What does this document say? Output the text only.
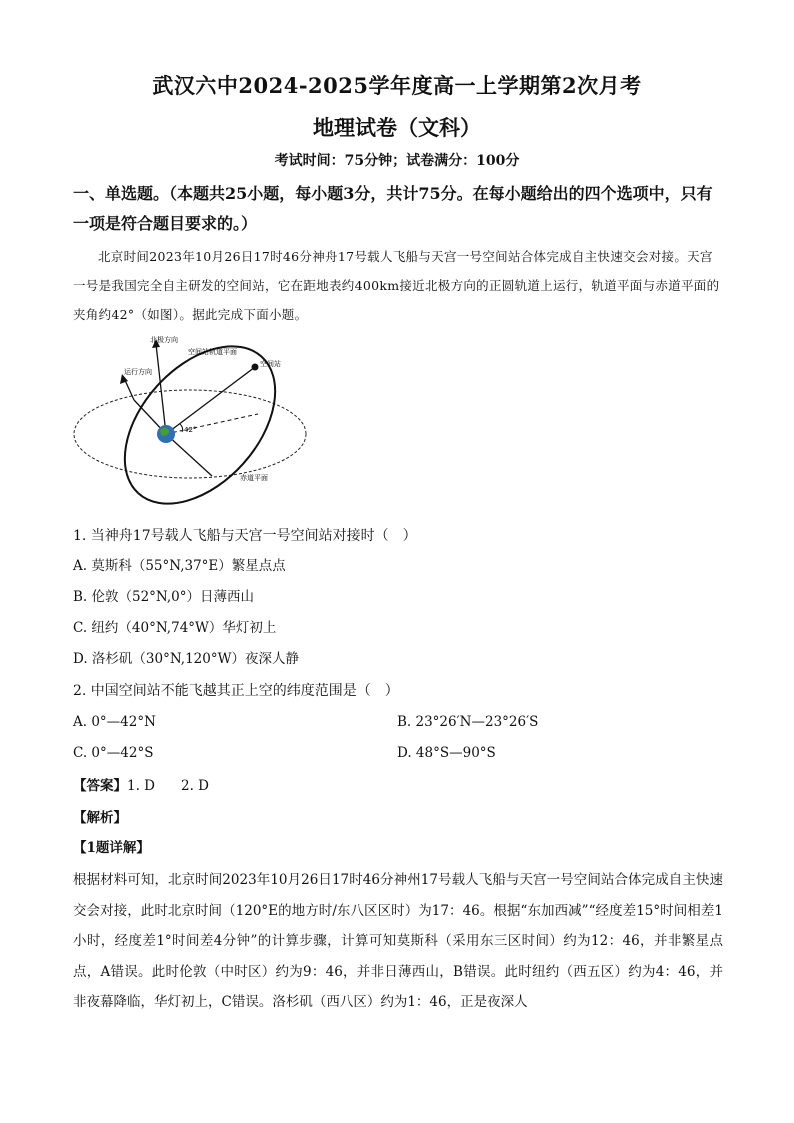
武汉六中2024-2025学年度高一上学期第2次月考
地理试卷（文科）
考试时间：75分钟；试卷满分：100分
一、单选题。（本题共25小题，每小题3分，共计75分。在每小题给出的四个选项中，只有一项是符合题目要求的。）
北京时间2023年10月26日17时46分神舟17号载人飞船与天宫一号空间站合体完成自主快速交会对接。天宫一号是我国完全自主研发的空间站，它在距地表约400km接近北极方向的正圆轨道上运行，轨道平面与赤道平面的夹角约42°（如图）。据此完成下面小题。
北极方向
空间站轨道平面
空间站
运行方向
42°
赤道平面
1. 当神舟17号载人飞船与天宫一号空间站对接时（　）
A. 莫斯科（55°N,37°E）繁星点点
B. 伦敦（52°N,0°）日薄西山
C. 纽约（40°N,74°W）华灯初上
D. 洛杉矶（30°N,120°W）夜深人静
2. 中国空间站不能飞越其正上空的纬度范围是（　）
A. 0°—42°N	B. 23°26′N—23°26′S
C. 0°—42°S	D. 48°S—90°S
【答案】1. D 2. D
【解析】
【1题详解】
根据材料可知，北京时间2023年10月26日17时46分神州17号载人飞船与天宫一号空间站合体完成自主快速交会对接，此时北京时间（120°E的地方时/东八区区时）为17：46。根据“东加西减”“经度差15°时间相差1小时，经度差1°时间差4分钟”的计算步骤，计算可知莫斯科（采用东三区时间）约为12：46，并非繁星点点，A错误。此时伦敦（中时区）约为9：46，并非日薄西山，B错误。此时纽约（西五区）约为4：46，并非夜幕降临，华灯初上，C错误。洛杉矶（西八区）约为1：46，正是夜深人
